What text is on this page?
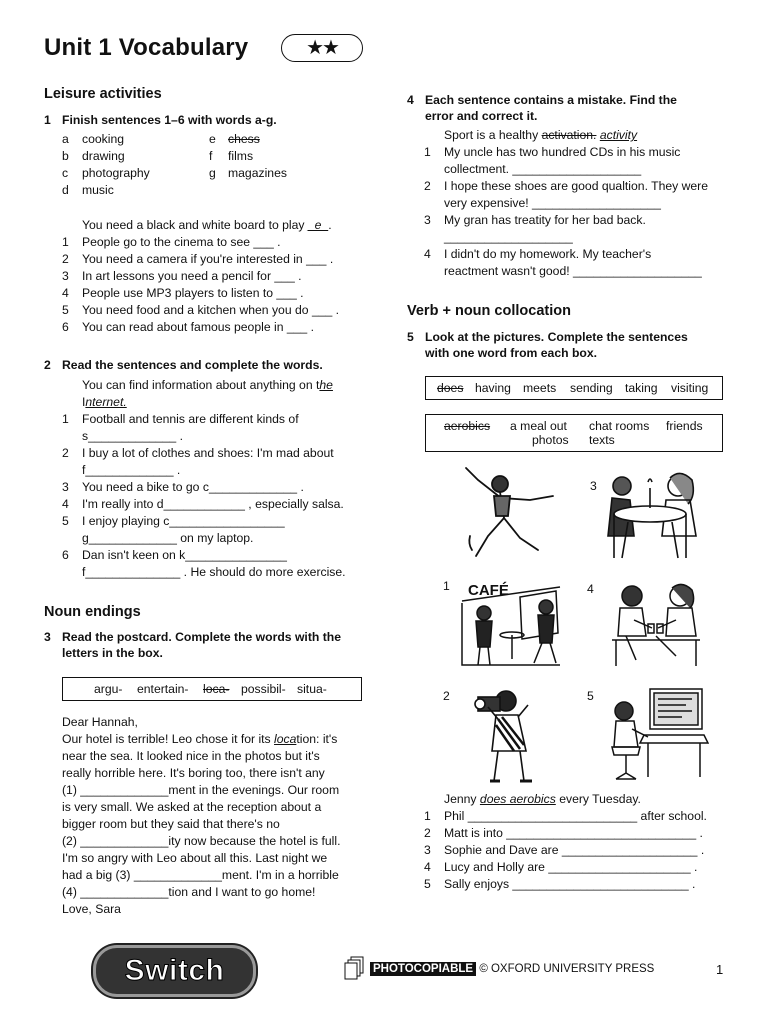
Unit 1 Vocabulary	★★
Leisure activities
1 Finish sentences 1–6 with words a-g.
a cooking	e chess
b drawing	f films
c photography	g magazines
d music
You need a black and white board to play _e_.
1 People go to the cinema to see ___ .
2 You need a camera if you're interested in ___ .
3 In art lessons you need a pencil for ___ .
4 People use MP3 players to listen to ___ .
5 You need food and a kitchen when you do ___ .
6 You can read about famous people in ___ .
2 Read the sentences and complete the words.
You can find information about anything on the
Internet.
1 Football and tennis are different kinds of
s_____________ .
2 I buy a lot of clothes and shoes: I'm mad about
f_____________ .
3 You need a bike to go c_____________ .
4 I'm really into d____________ , especially salsa.
5 I enjoy playing c_________________
g_____________ on my laptop.
6 Dan isn't keen on k_______________
f______________ . He should do more exercise.
Noun endings
3 Read the postcard. Complete the words with the
letters in the box.
argu- entertain- loca- possibil- situa-
Dear Hannah,
Our hotel is terrible! Leo chose it for its location: it's
near the sea. It looked nice in the photos but it's
really horrible here. It's boring too, there isn't any
(1) _____________ment in the evenings. Our room
is very small. We asked at the reception about a
bigger room but they said that there's no
(2) _____________ity now because the hotel is full.
I'm so angry with Leo about all this. Last night we
had a big (3) _____________ment. I'm in a horrible
(4) _____________tion and I want to go home!
Love, Sara
4 Each sentence contains a mistake. Find the
error and correct it.
Sport is a healthy activation. activity
1 My uncle has two hundred CDs in his music
collectment. ___________________
2 I hope these shoes are good qualtion. They were
very expensive! ___________________
3 My gran has treatity for her bad back.
___________________
4 I didn't do my homework. My teacher's
reactment wasn't good! ___________________
Verb + noun collocation
5 Look at the pictures. Complete the sentences
with one word from each box.
does having meets sending taking visiting
aerobics a meal out chat rooms friends
photos texts
3
1	4
2	5
CAFÉ
Jenny does aerobics every Tuesday.
1 Phil _________________________ after school.
2 Matt is into ____________________________ .
3 Sophie and Dave are ____________________ .
4 Lucy and Holly are _____________________ .
5 Sally enjoys __________________________ .
Switch	PHOTOCOPIABLE © OXFORD UNIVERSITY PRESS	1
